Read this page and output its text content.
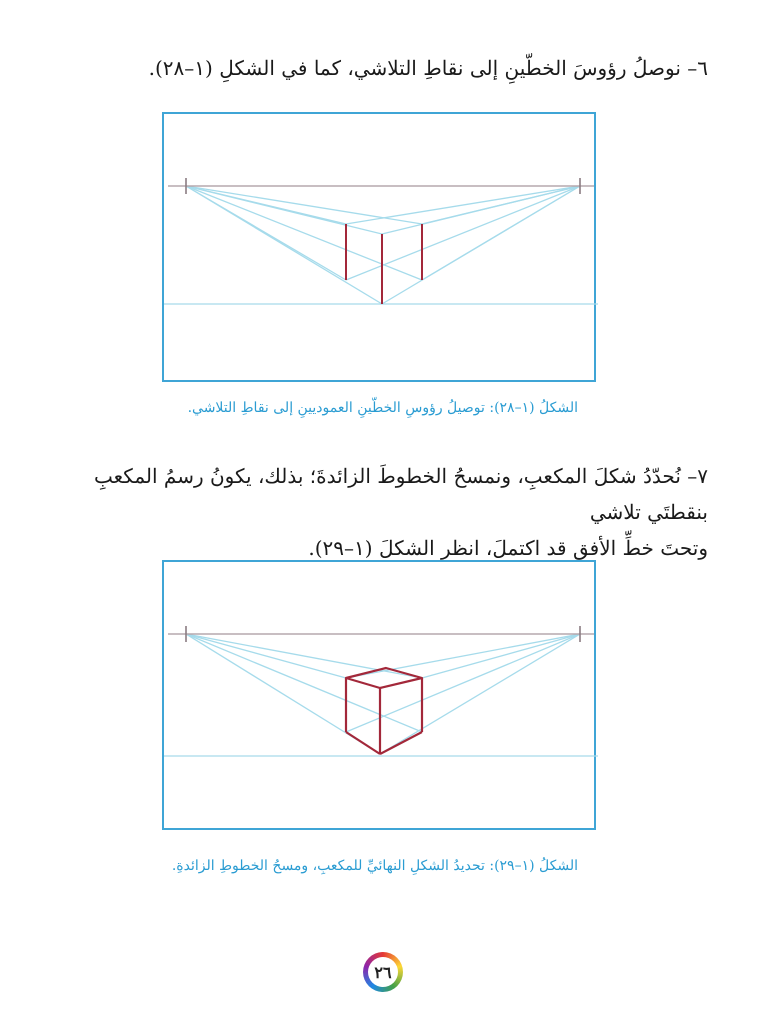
٦– نوصلُ رؤوسَ الخطّينِ إلى نقاطِ التلاشي، كما في الشكلِ (١–٢٨).

الشكلُ (١–٢٨): توصيلُ رؤوسِ الخطّينِ العموديينِ إلى نقاطِ التلاشي.

٧– نُحدّدُ شكلَ المكعبِ، ونمسحُ الخطوطَ الزائدةَ؛ بذلك، يكونُ رسمُ المكعبِ بنقطتَي تلاشي
وتحتَ خطِّ الأفقِ قد اكتملَ، انظرِ الشكلَ (١–٢٩).

الشكلُ (١–٢٩): تحديدُ الشكلِ النهائيِّ للمكعبِ، ومسحُ الخطوطِ الزائدةِ.

٢٦
